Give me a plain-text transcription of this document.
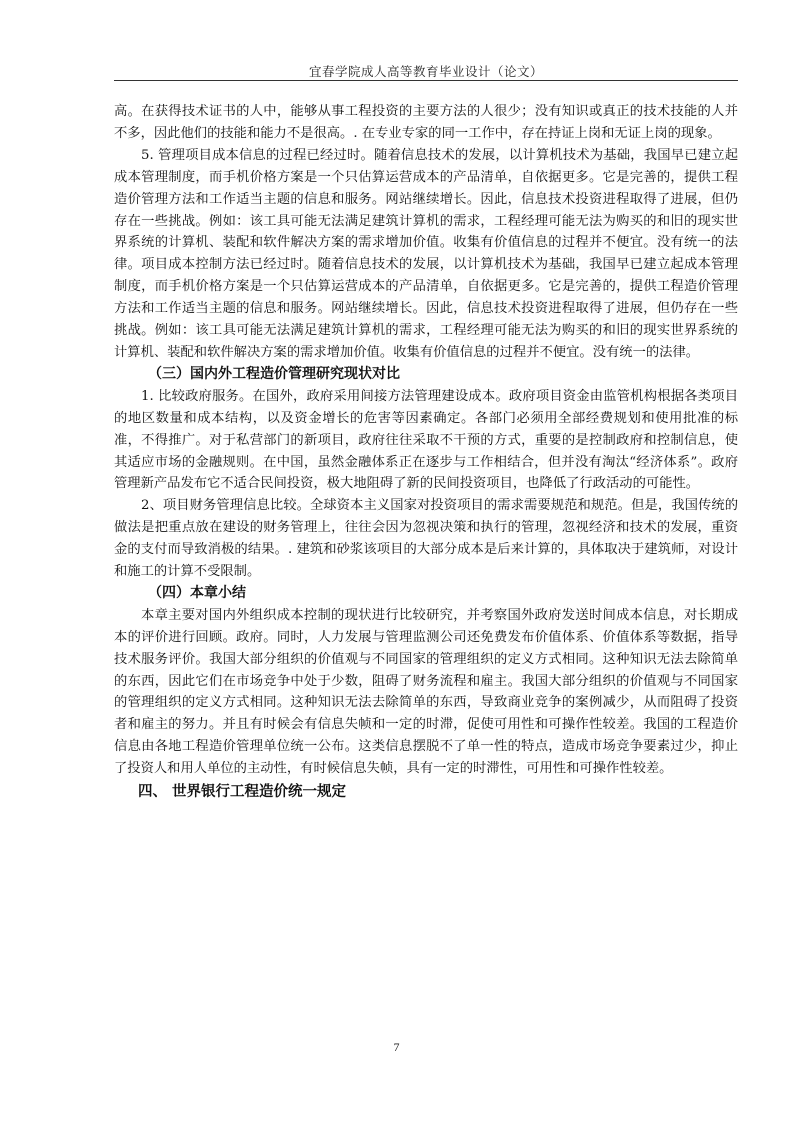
宜春学院成人高等教育毕业设计（论文）

高。在获得技术证书的人中，能够从事工程投资的主要方法的人很少；没有知识或真正的技术技能的人并不多，因此他们的技能和能力不是很高。. 在专业专家的同一工作中，存在持证上岗和无证上岗的现象。

5. 管理项目成本信息的过程已经过时。随着信息技术的发展，以计算机技术为基础，我国早已建立起成本管理制度，而手机价格方案是一个只估算运营成本的产品清单，自依据更多。它是完善的，提供工程造价管理方法和工作适当主题的信息和服务。网站继续增长。因此，信息技术投资进程取得了进展，但仍存在一些挑战。例如：该工具可能无法满足建筑计算机的需求，工程经理可能无法为购买的和旧的现实世界系统的计算机、装配和软件解决方案的需求增加价值。收集有价值信息的过程并不便宜。没有统一的法律。项目成本控制方法已经过时。随着信息技术的发展，以计算机技术为基础，我国早已建立起成本管理制度，而手机价格方案是一个只估算运营成本的产品清单，自依据更多。它是完善的，提供工程造价管理方法和工作适当主题的信息和服务。网站继续增长。因此，信息技术投资进程取得了进展，但仍存在一些挑战。例如：该工具可能无法满足建筑计算机的需求，工程经理可能无法为购买的和旧的现实世界系统的计算机、装配和软件解决方案的需求增加价值。收集有价值信息的过程并不便宜。没有统一的法律。

（三）国内外工程造价管理研究现状对比

1. 比较政府服务。在国外，政府采用间接方法管理建设成本。政府项目资金由监管机构根据各类项目的地区数量和成本结构，以及资金增长的危害等因素确定。各部门必须用全部经费规划和使用批准的标准，不得推广。对于私营部门的新项目，政府往往采取不干预的方式，重要的是控制政府和控制信息，使其适应市场的金融规则。在中国，虽然金融体系正在逐步与工作相结合，但并没有淘汰“经济体系”。政府管理新产品发布它不适合民间投资，极大地阻碍了新的民间投资项目，也降低了行政活动的可能性。

2、项目财务管理信息比较。全球资本主义国家对投资项目的需求需要规范和规范。但是，我国传统的做法是把重点放在建设的财务管理上，往往会因为忽视决策和执行的管理，忽视经济和技术的发展，重资金的支付而导致消极的结果。. 建筑和砂浆该项目的大部分成本是后来计算的，具体取决于建筑师，对设计和施工的计算不受限制。

（四）本章小结

本章主要对国内外组织成本控制的现状进行比较研究，并考察国外政府发送时间成本信息，对长期成本的评价进行回顾。政府。同时，人力发展与管理监测公司还免费发布价值体系、价值体系等数据，指导技术服务评价。我国大部分组织的价值观与不同国家的管理组织的定义方式相同。这种知识无法去除简单的东西，因此它们在市场竞争中处于少数，阻碍了财务流程和雇主。我国大部分组织的价值观与不同国家的管理组织的定义方式相同。这种知识无法去除简单的东西，导致商业竞争的案例减少，从而阻碍了投资者和雇主的努力。并且有时候会有信息失帧和一定的时滞，促使可用性和可操作性较差。我国的工程造价信息由各地工程造价管理单位统一公布。这类信息摆脱不了单一性的特点，造成市场竞争要素过少，抑止了投资人和用人单位的主动性，有时候信息失帧，具有一定的时滞性，可用性和可操作性较差。

四、 世界银行工程造价统一规定
7
